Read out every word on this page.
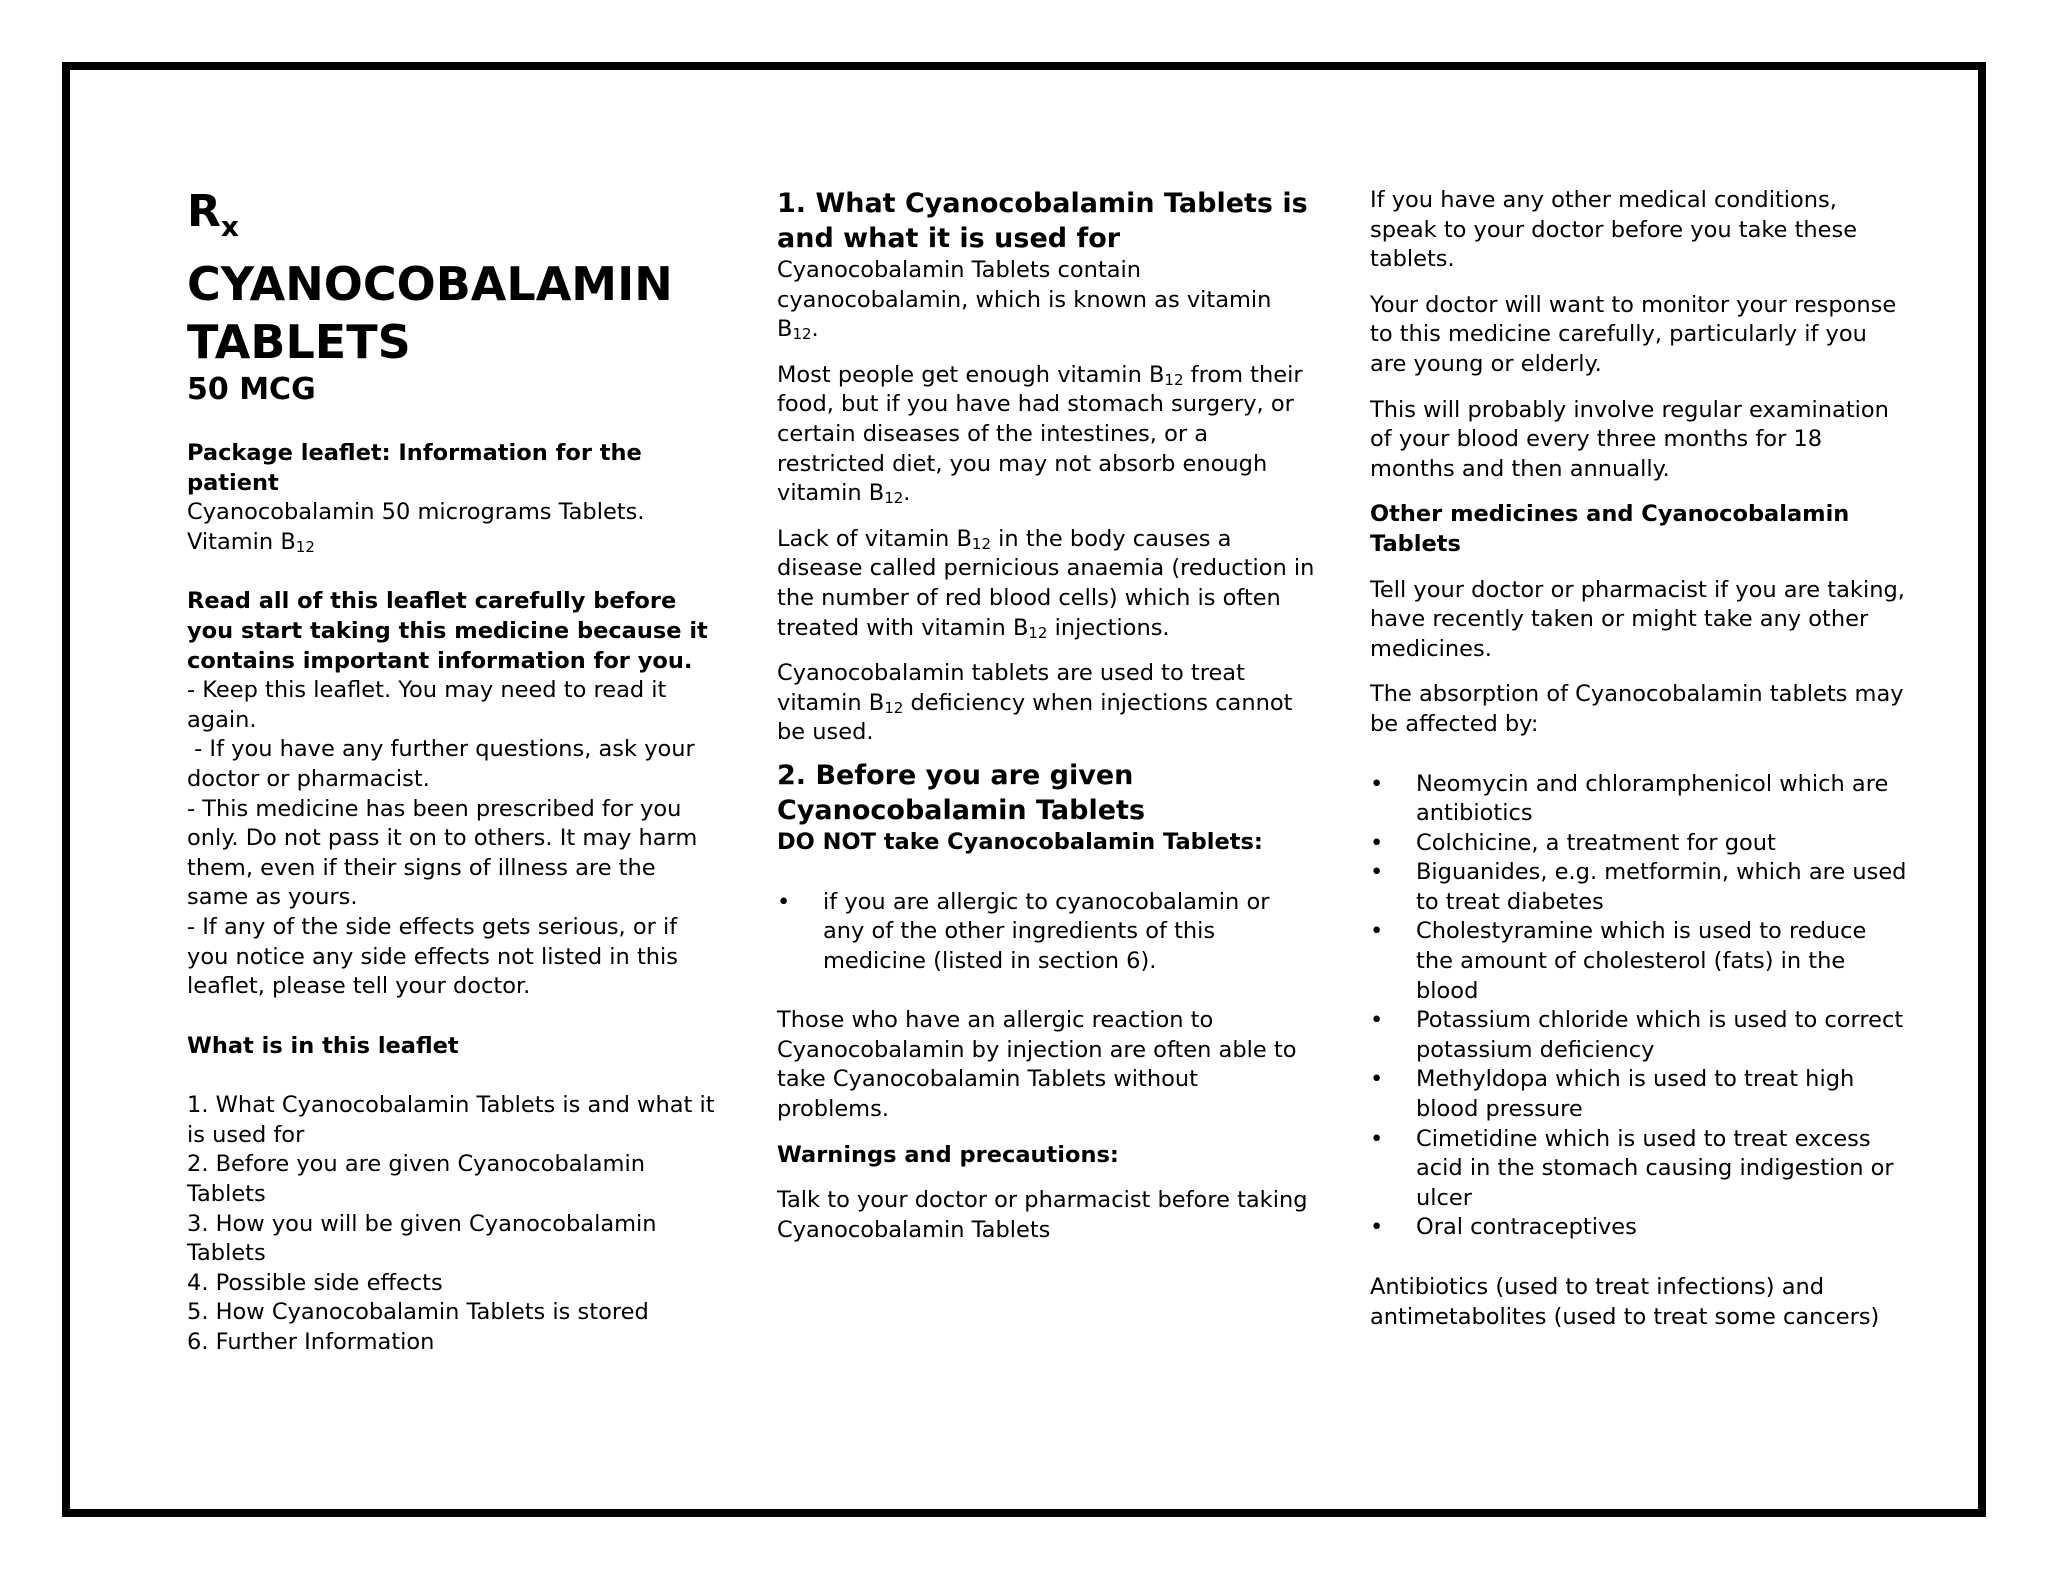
$R_x$
CYANOCOBALAMIN
TABLETS
50 MCG

Package leaflet: Information for the patient

Cyanocobalamin 50 micrograms Tablets.

Vitamin $B_{12}$

Read all of this leaflet carefully before you start taking this medicine because it contains important information for you.

- Keep this leaflet. You may need to read it again.

- If you have any further questions, ask your doctor or pharmacist.

- This medicine has been prescribed for you only. Do not pass it on to others. It may harm them, even if their signs of illness are the same as yours.

- If any of the side effects gets serious, or if you notice any side effects not listed in this leaflet, please tell your doctor.

What is in this leaflet

1. What Cyanocobalamin Tablets is and what it is used for

2. Before you are given Cyanocobalamin Tablets

3. How you will be given Cyanocobalamin Tablets

4. Possible side effects

5. How Cyanocobalamin Tablets is stored

6. Further Information

1. What Cyanocobalamin Tablets is and what it is used for

Cyanocobalamin Tablets contain cyanocobalamin, which is known as vitamin $B_{12}$.

Most people get enough vitamin $B_{12}$ from their food, but if you have had stomach surgery, or certain diseases of the intestines, or a restricted diet, you may not absorb enough vitamin $B_{12}$.

Lack of vitamin $B_{12}$ in the body causes a disease called pernicious anaemia (reduction in the number of red blood cells) which is often treated with vitamin $B_{12}$ injections.

Cyanocobalamin tablets are used to treat vitamin $B_{12}$ deficiency when injections cannot be used.

2. Before you are given Cyanocobalamin Tablets

DO NOT take Cyanocobalamin Tablets:

• if you are allergic to cyanocobalamin or any of the other ingredients of this medicine (listed in section 6).

Those who have an allergic reaction to Cyanocobalamin by injection are often able to take Cyanocobalamin Tablets without problems.

Warnings and precautions:

Talk to your doctor or pharmacist before taking Cyanocobalamin Tablets

If you have any other medical conditions, speak to your doctor before you take these tablets.

Your doctor will want to monitor your response to this medicine carefully, particularly if you are young or elderly.

This will probably involve regular examination of your blood every three months for 18 months and then annually.

Other medicines and Cyanocobalamin Tablets

Tell your doctor or pharmacist if you are taking, have recently taken or might take any other medicines.

The absorption of Cyanocobalamin tablets may be affected by:

• Neomycin and chloramphenicol which are antibiotics
• Colchicine, a treatment for gout
• Biguanides, e.g. metformin, which are used to treat diabetes
• Cholestyramine which is used to reduce the amount of cholesterol (fats) in the blood
• Potassium chloride which is used to correct potassium deficiency
• Methyldopa which is used to treat high blood pressure
• Cimetidine which is used to treat excess acid in the stomach causing indigestion or ulcer
• Oral contraceptives

Antibiotics (used to treat infections) and antimetabolites (used to treat some cancers)
